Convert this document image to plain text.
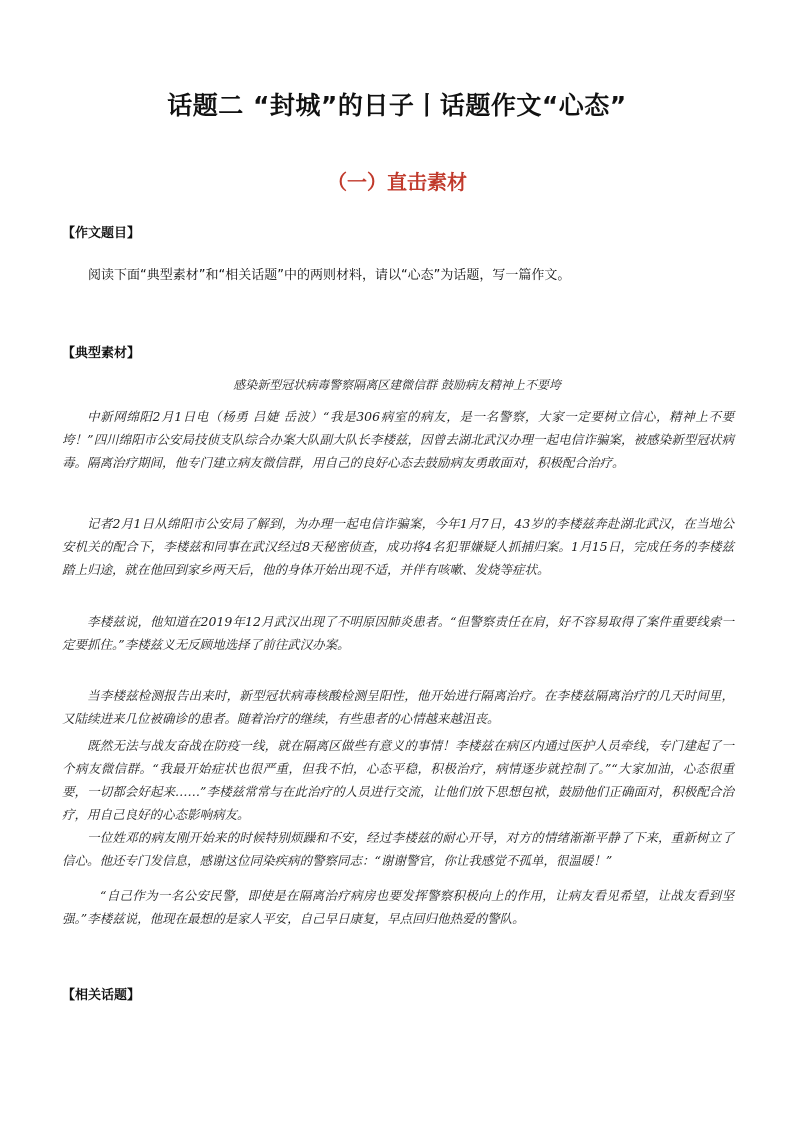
话题二 “封城”的日子丨话题作文“心态”
（一）直击素材
【作文题目】
阅读下面“典型素材”和“相关话题”中的两则材料，请以“心态”为话题，写一篇作文。
【典型素材】
感染新型冠状病毒警察隔离区建微信群 鼓励病友精神上不要垮
中新网绵阳2月1日电（杨勇 吕婕 岳波）“我是306病室的病友，是一名警察，大家一定要树立信心，精神上不要垮！”四川绵阳市公安局技侦支队综合办案大队副大队长李楼兹，因曾去湖北武汉办理一起电信诈骗案，被感染新型冠状病毒。隔离治疗期间，他专门建立病友微信群，用自己的良好心态去鼓励病友勇敢面对，积极配合治疗。
记者2月1日从绵阳市公安局了解到，为办理一起电信诈骗案，今年1月7日，43岁的李楼兹奔赴湖北武汉，在当地公安机关的配合下，李楼兹和同事在武汉经过8天秘密侦查，成功将4名犯罪嫌疑人抓捕归案。1月15日，完成任务的李楼兹踏上归途，就在他回到家乡两天后，他的身体开始出现不适，并伴有咳嗽、发烧等症状。
李楼兹说，他知道在2019年12月武汉出现了不明原因肺炎患者。“但警察责任在肩，好不容易取得了案件重要线索一定要抓住。”李楼兹义无反顾地选择了前往武汉办案。
当李楼兹检测报告出来时，新型冠状病毒核酸检测呈阳性，他开始进行隔离治疗。在李楼兹隔离治疗的几天时间里，又陆续进来几位被确诊的患者。随着治疗的继续，有些患者的心情越来越沮丧。
既然无法与战友奋战在防疫一线，就在隔离区做些有意义的事情！李楼兹在病区内通过医护人员牵线，专门建起了一个病友微信群。“我最开始症状也很严重，但我不怕，心态平稳，积极治疗，病情逐步就控制了。”“大家加油，心态很重要，一切都会好起来……”李楼兹常常与在此治疗的人员进行交流，让他们放下思想包袱，鼓励他们正确面对，积极配合治疗，用自己良好的心态影响病友。
一位姓邓的病友刚开始来的时候特别烦躁和不安，经过李楼兹的耐心开导，对方的情绪渐渐平静了下来，重新树立了信心。他还专门发信息，感谢这位同染疾病的警察同志：“谢谢警官，你让我感觉不孤单，很温暖！”
“自己作为一名公安民警，即使是在隔离治疗病房也要发挥警察积极向上的作用，让病友看见希望，让战友看到坚强。”李楼兹说，他现在最想的是家人平安，自己早日康复，早点回归他热爱的警队。
【相关话题】
